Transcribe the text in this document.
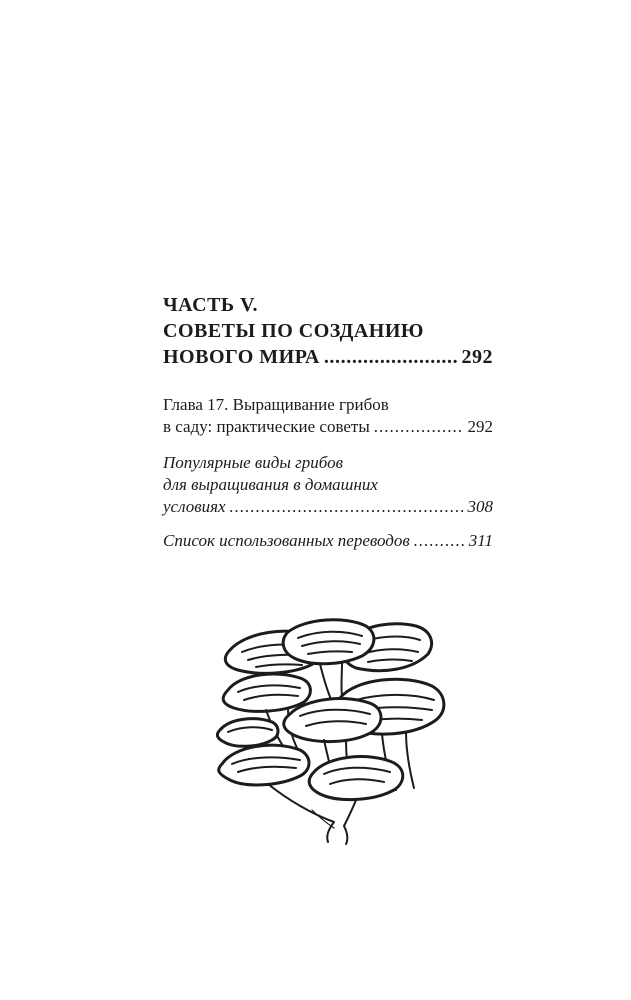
ЧАСТЬ V.
СОВЕТЫ ПО СОЗДАНИЮ
НОВОГО МИРА .....	292
Глава 17. Выращивание грибов
в саду: практические советы .....	292
Популярные виды грибов
для выращивания в домашних
условиях .....	308
Список использованных переводов .....	311
